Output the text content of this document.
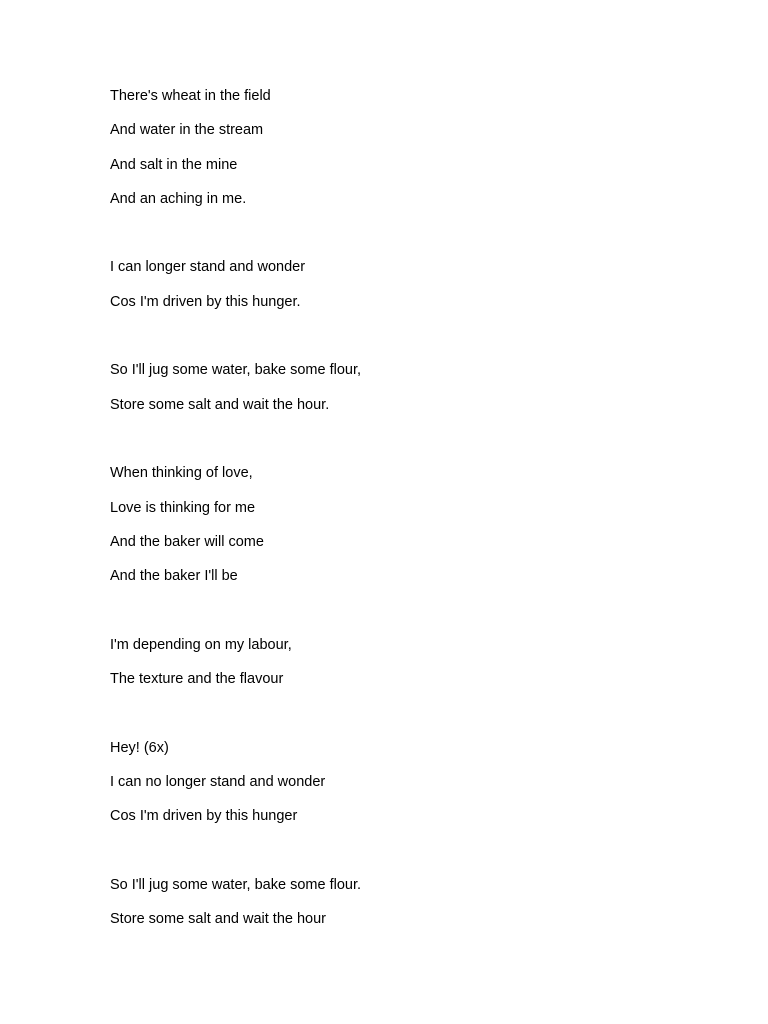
There's wheat in the field
And water in the stream
And salt in the mine
And an aching in me.
I can longer stand and wonder
Cos I'm driven by this hunger.
So I'll jug some water, bake some flour,
Store some salt and wait the hour.
When thinking of love,
Love is thinking for me
And the baker will come
And the baker I'll be
I'm depending on my labour,
The texture and the flavour
Hey! (6x)
I can no longer stand and wonder
Cos I'm driven by this hunger
So I'll jug some water, bake some flour.
Store some salt and wait the hour
